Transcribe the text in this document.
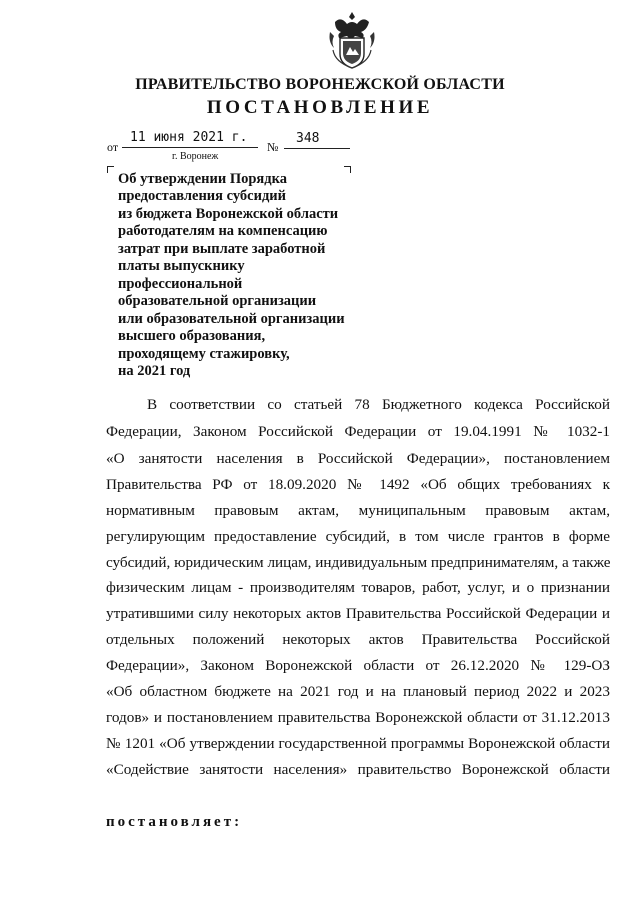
ПРАВИТЕЛЬСТВО ВОРОНЕЖСКОЙ ОБЛАСТИ
ПОСТАНОВЛЕНИЕ
от
11 июня 2021 г.
№
348
г. Воронеж
Об утверждении Порядка
предоставления субсидий
из бюджета Воронежской области
работодателям на компенсацию
затрат при выплате заработной
платы выпускнику
профессиональной
образовательной организации
или образовательной организации
высшего образования,
проходящему стажировку,
на 2021 год
В соответствии со статьей 78 Бюджетного кодекса Российской
Федерации, Законом Российской Федерации от 19.04.1991 № 1032-1
«О занятости населения в Российской Федерации», постановлением
Правительства РФ от 18.09.2020 № 1492 «Об общих требованиях к
нормативным правовым актам, муниципальным правовым актам,
регулирующим предоставление субсидий, в том числе грантов в форме
субсидий, юридическим лицам, индивидуальным предпринимателям, а также
физическим лицам - производителям товаров, работ, услуг, и о признании
утратившими силу некоторых актов Правительства Российской Федерации и
отдельных положений некоторых актов Правительства Российской
Федерации», Законом Воронежской области от 26.12.2020 № 129-ОЗ
«Об областном бюджете на 2021 год и на плановый период 2022 и 2023
годов» и постановлением правительства Воронежской области от 31.12.2013
№ 1201 «Об утверждении государственной программы Воронежской области
«Содействие занятости населения» правительство Воронежской области
постановляет:
